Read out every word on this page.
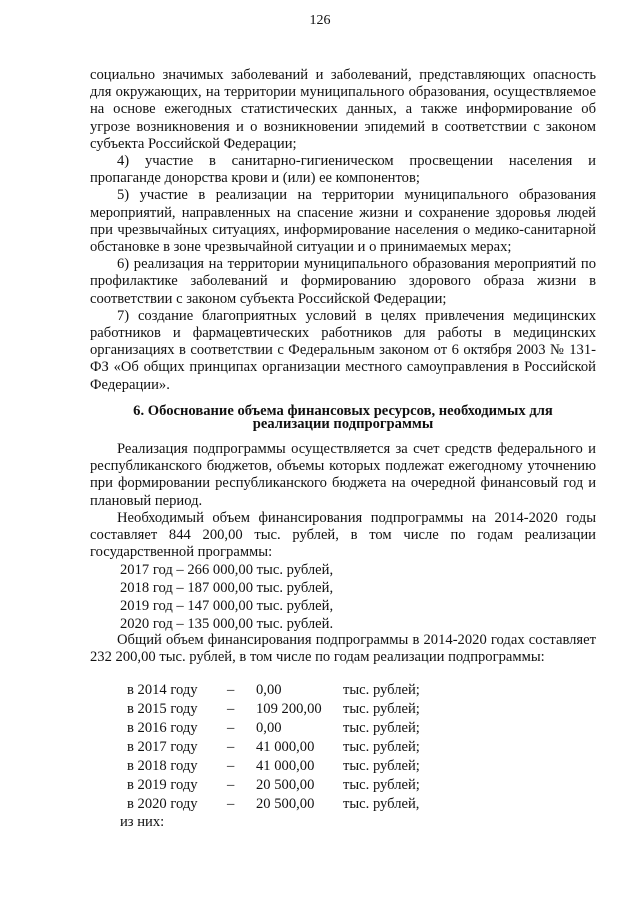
126

социально значимых заболеваний и заболеваний, представляющих опасность для окружающих, на территории муниципального образования, осуществляемое на основе ежегодных статистических данных, а также информирование об угрозе возникновения и о возникновении эпидемий в соответствии с законом субъекта Российской Федерации;

4) участие в санитарно-гигиеническом просвещении населения и пропаганде донорства крови и (или) ее компонентов;

5) участие в реализации на территории муниципального образования мероприятий, направленных на спасение жизни и сохранение здоровья людей при чрезвычайных ситуациях, информирование населения о медико-санитарной обстановке в зоне чрезвычайной ситуации и о принимаемых мерах;

6) реализация на территории муниципального образования мероприятий по профилактике заболеваний и формированию здорового образа жизни в соответствии с законом субъекта Российской Федерации;

7) создание благоприятных условий в целях привлечения медицинских работников и фармацевтических работников для работы в медицинских организациях в соответствии с Федеральным законом от 6 октября 2003 № 131-ФЗ «Об общих принципах организации местного самоуправления в Российской Федерации».

6. Обоснование объема финансовых ресурсов, необходимых для
реализации подпрограммы

Реализация подпрограммы осуществляется за счет средств федерального и республиканского бюджетов, объемы которых подлежат ежегодному уточнению при формировании республиканского бюджета на очередной финансовый год и плановый период.

Необходимый объем финансирования подпрограммы на 2014-2020 годы составляет 844 200,00 тыс. рублей, в том числе по годам реализации государственной программы:

2017 год – 266 000,00 тыс. рублей,
2018 год – 187 000,00 тыс. рублей,
2019 год – 147 000,00 тыс. рублей,
2020 год – 135 000,00 тыс. рублей.

Общий объем финансирования подпрограммы в 2014-2020 годах составляет 232 200,00 тыс. рублей, в том числе по годам реализации подпрограммы:

в 2014 году – 0,00	тыс. рублей;
в 2015 году – 109 200,00 тыс. рублей;
в 2016 году – 0,00	тыс. рублей;
в 2017 году – 41 000,00 тыс. рублей;
в 2018 году – 41 000,00 тыс. рублей;
в 2019 году – 20 500,00 тыс. рублей;
в 2020 году – 20 500,00 тыс. рублей,
из них:
